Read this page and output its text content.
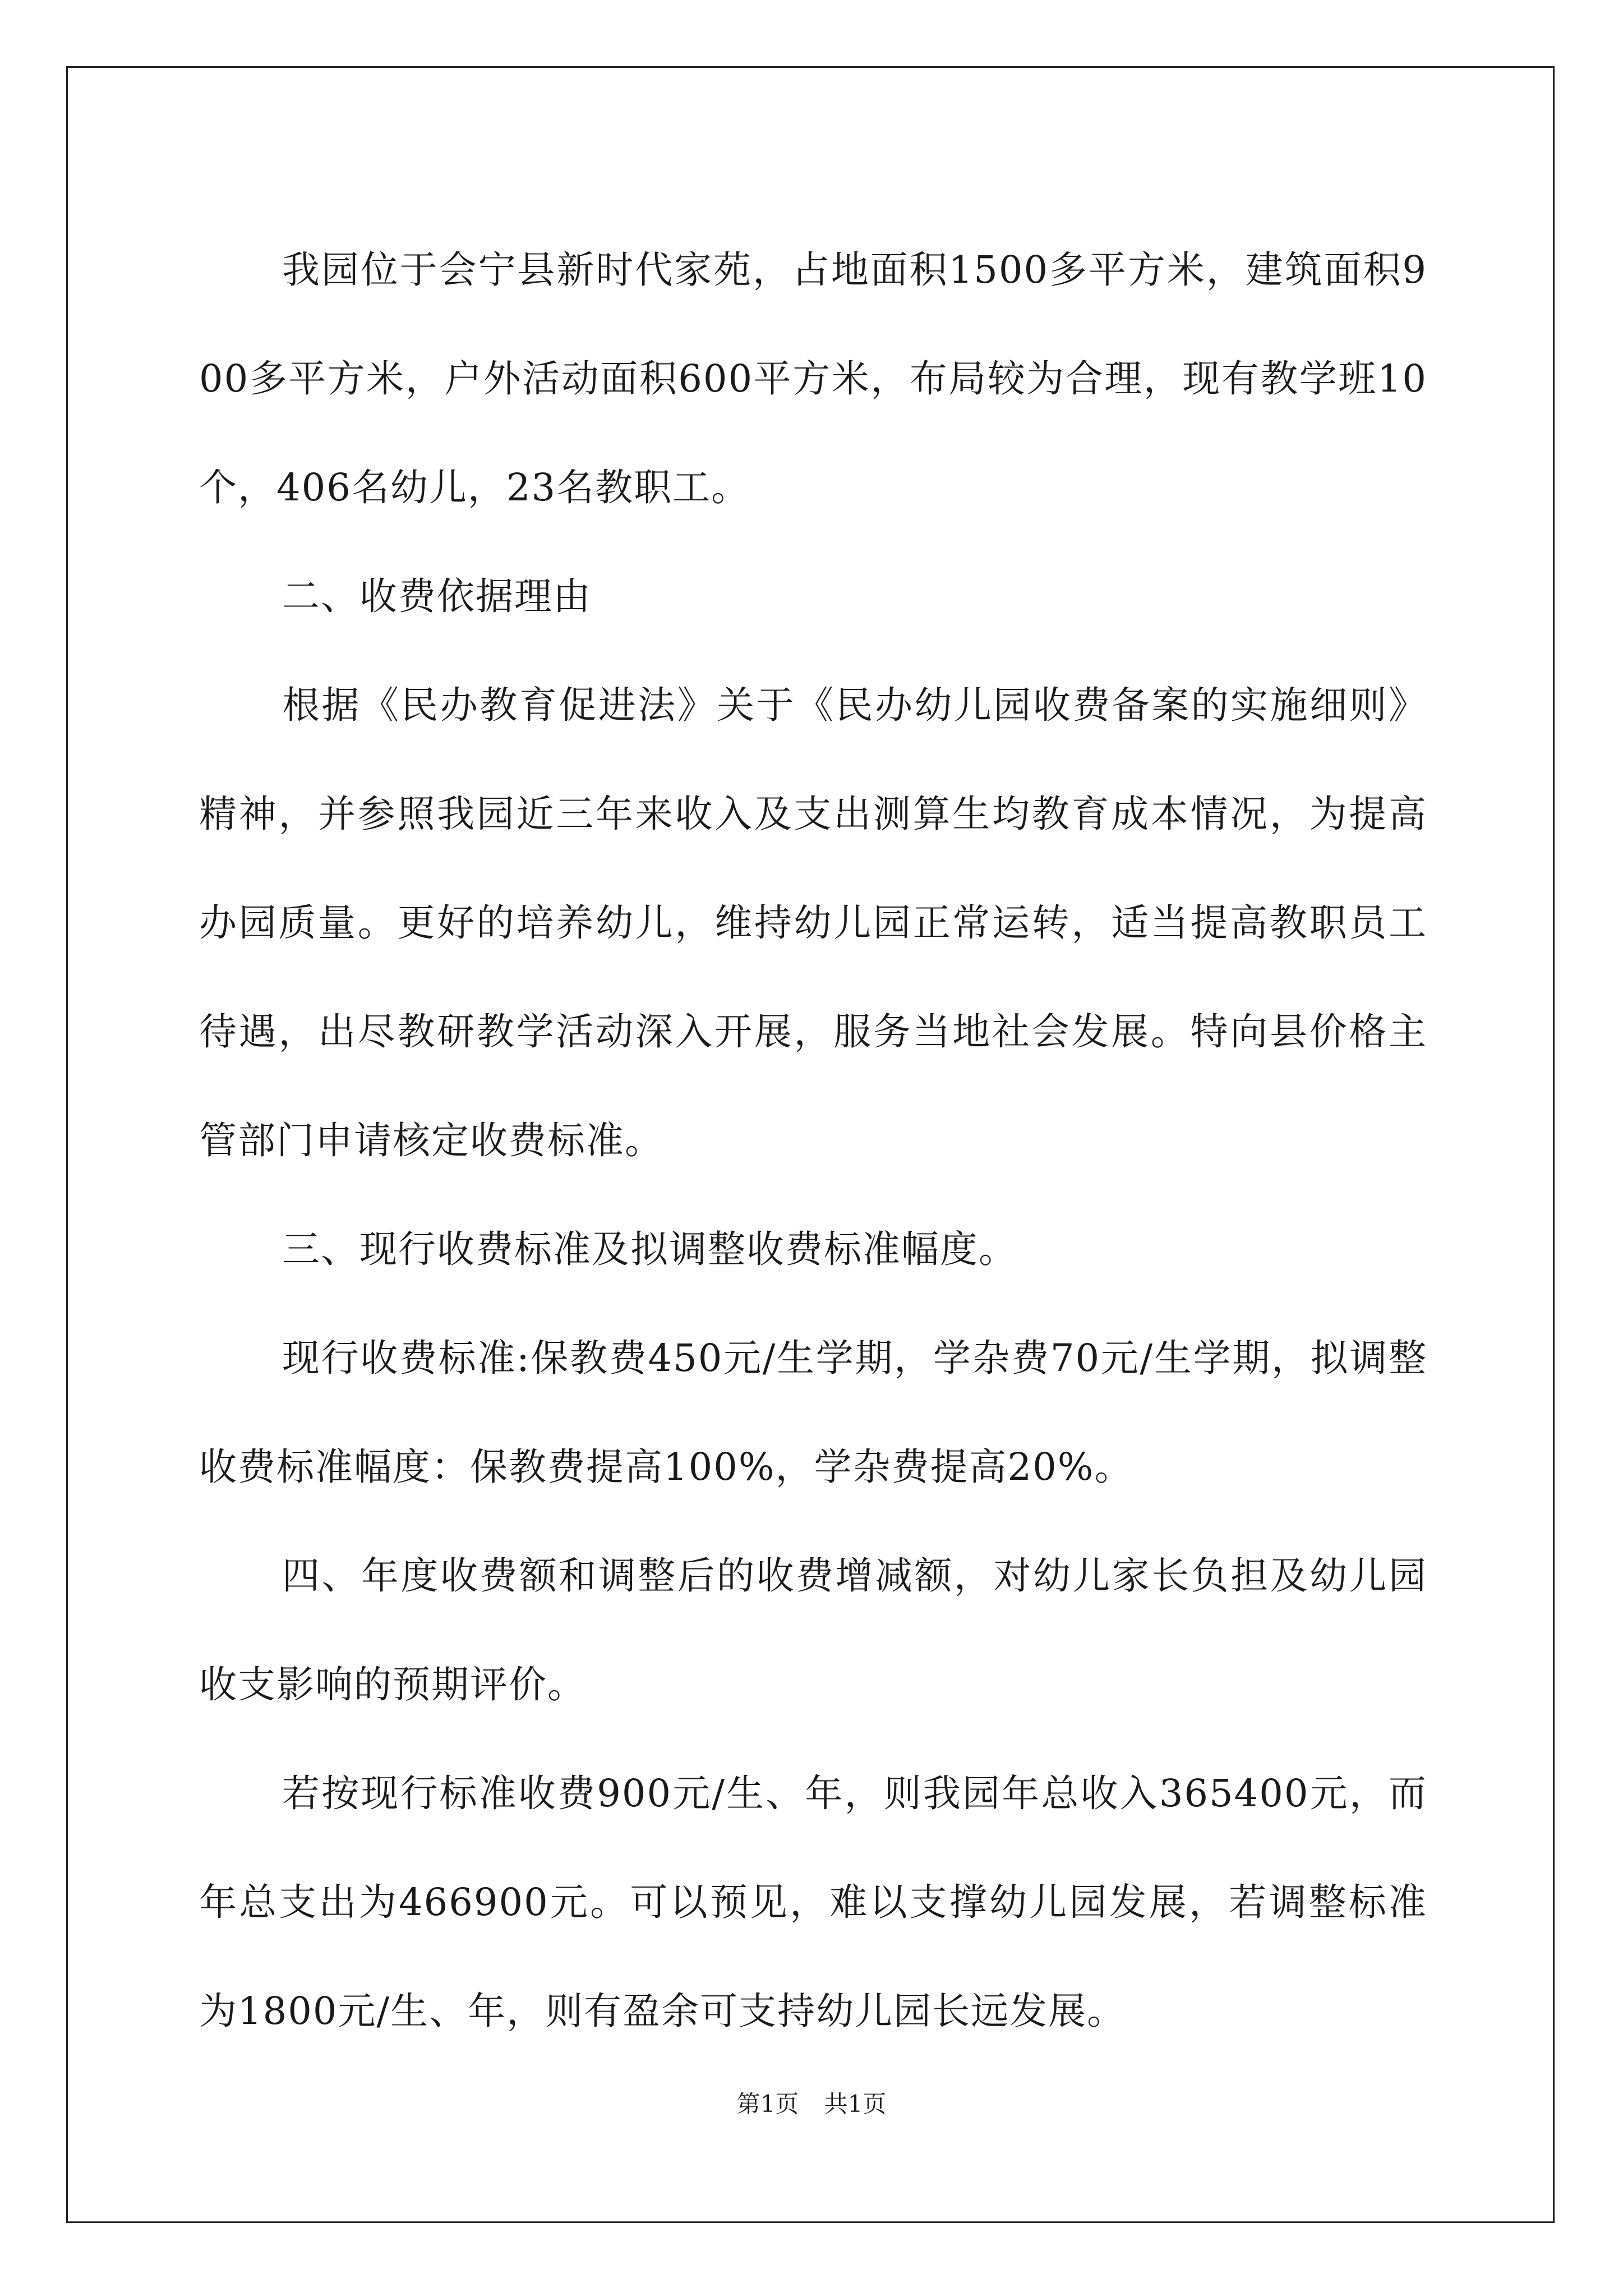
我园位于会宁县新时代家苑，占地面积1500多平方米，建筑面积900多平方米，户外活动面积600平方米，布局较为合理，现有教学班10个，406名幼儿，23名教职工。

二、收费依据理由

根据《民办教育促进法》关于《民办幼儿园收费备案的实施细则》精神，并参照我园近三年来收入及支出测算生均教育成本情况，为提高办园质量。更好的培养幼儿，维持幼儿园正常运转，适当提高教职员工待遇，出尽教研教学活动深入开展，服务当地社会发展。特向县价格主管部门申请核定收费标准。

三、现行收费标准及拟调整收费标准幅度。

现行收费标准:保教费450元/生学期，学杂费70元/生学期，拟调整收费标准幅度：保教费提高100%，学杂费提高20%。

四、年度收费额和调整后的收费增减额，对幼儿家长负担及幼儿园收支影响的预期评价。

若按现行标准收费900元/生、年，则我园年总收入365400元，而年总支出为466900元。可以预见，难以支撑幼儿园发展，若调整标准为1800元/生、年，则有盈余可支持幼儿园长远发展。

第1页 共1页
